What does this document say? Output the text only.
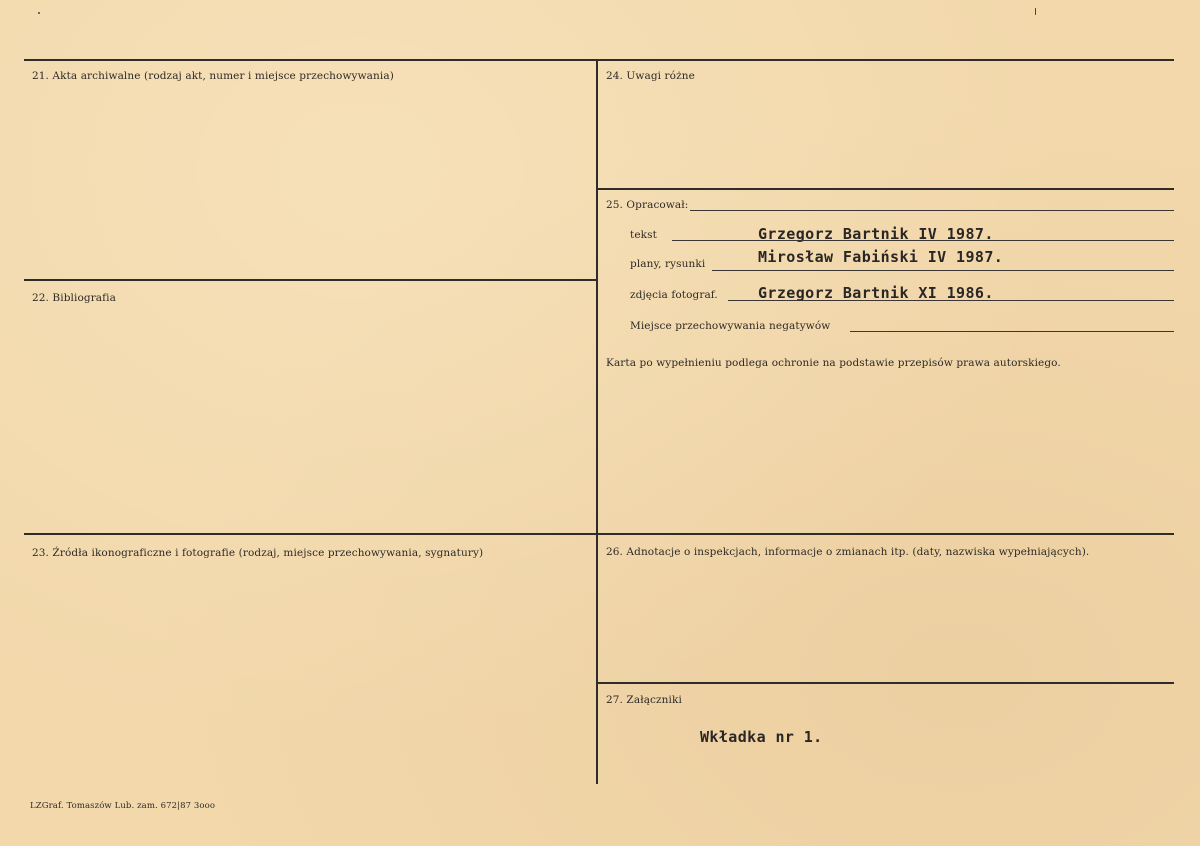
21. Akta archiwalne (rodzaj akt, numer i miejsce przechowywania)
22. Bibliografia
23. Źródła ikonograficzne i fotografie (rodzaj, miejsce przechowywania, sygnatury)
24. Uwagi różne
25. Opracował:
tekst	Grzegorz Bartnik IV 1987.
plany, rysunki	Mirosław Fabiński IV 1987.
zdjęcia fotograf.	Grzegorz Bartnik XI 1986.
Miejsce przechowywania negatywów
Karta po wypełnieniu podlega ochronie na podstawie przepisów prawa autorskiego.
26. Adnotacje o inspekcjach, informacje o zmianach itp. (daty, nazwiska wypełniających).
27. Załączniki
Wkładka nr 1.
LZGraf. Tomaszów Lub. zam. 672|87 3ooo
